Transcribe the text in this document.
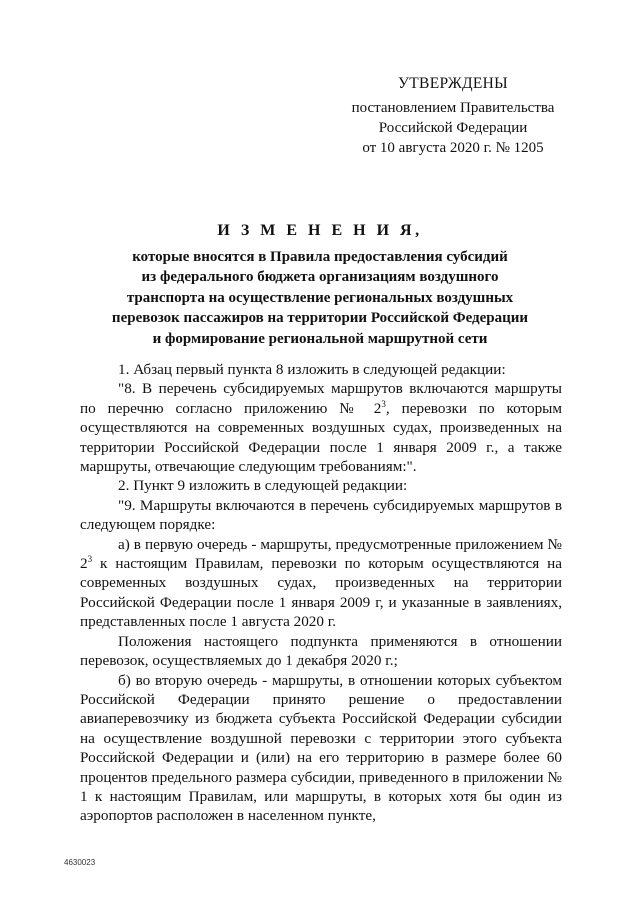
УТВЕРЖДЕНЫ
постановлением Правительства
Российской Федерации
от 10 августа 2020 г. № 1205
И З М Е Н Е Н И Я,
которые вносятся в Правила предоставления субсидий
из федерального бюджета организациям воздушного
транспорта на осуществление региональных воздушных
перевозок пассажиров на территории Российской Федерации
и формирование региональной маршрутной сети

1. Абзац первый пункта 8 изложить в следующей редакции:

"8. В перечень субсидируемых маршрутов включаются маршруты по перечню согласно приложению № $2^3$, перевозки по которым осуществляются на современных воздушных судах, произведенных на территории Российской Федерации после 1 января 2009 г., а также маршруты, отвечающие следующим требованиям:".

2. Пункт 9 изложить в следующей редакции:

"9. Маршруты включаются в перечень субсидируемых маршрутов в следующем порядке:

а) в первую очередь - маршруты, предусмотренные приложением № $2^3$ к настоящим Правилам, перевозки по которым осуществляются на современных воздушных судах, произведенных на территории Российской Федерации после 1 января 2009 г, и указанные в заявлениях, представленных после 1 августа 2020 г.

Положения настоящего подпункта применяются в отношении перевозок, осуществляемых до 1 декабря 2020 г.;

б) во вторую очередь - маршруты, в отношении которых субъектом Российской Федерации принято решение о предоставлении авиаперевозчику из бюджета субъекта Российской Федерации субсидии на осуществление воздушной перевозки с территории этого субъекта Российской Федерации и (или) на его территорию в размере более 60 процентов предельного размера субсидии, приведенного в приложении № 1 к настоящим Правилам, или маршруты, в которых хотя бы один из аэропортов расположен в населенном пункте,

4630023
